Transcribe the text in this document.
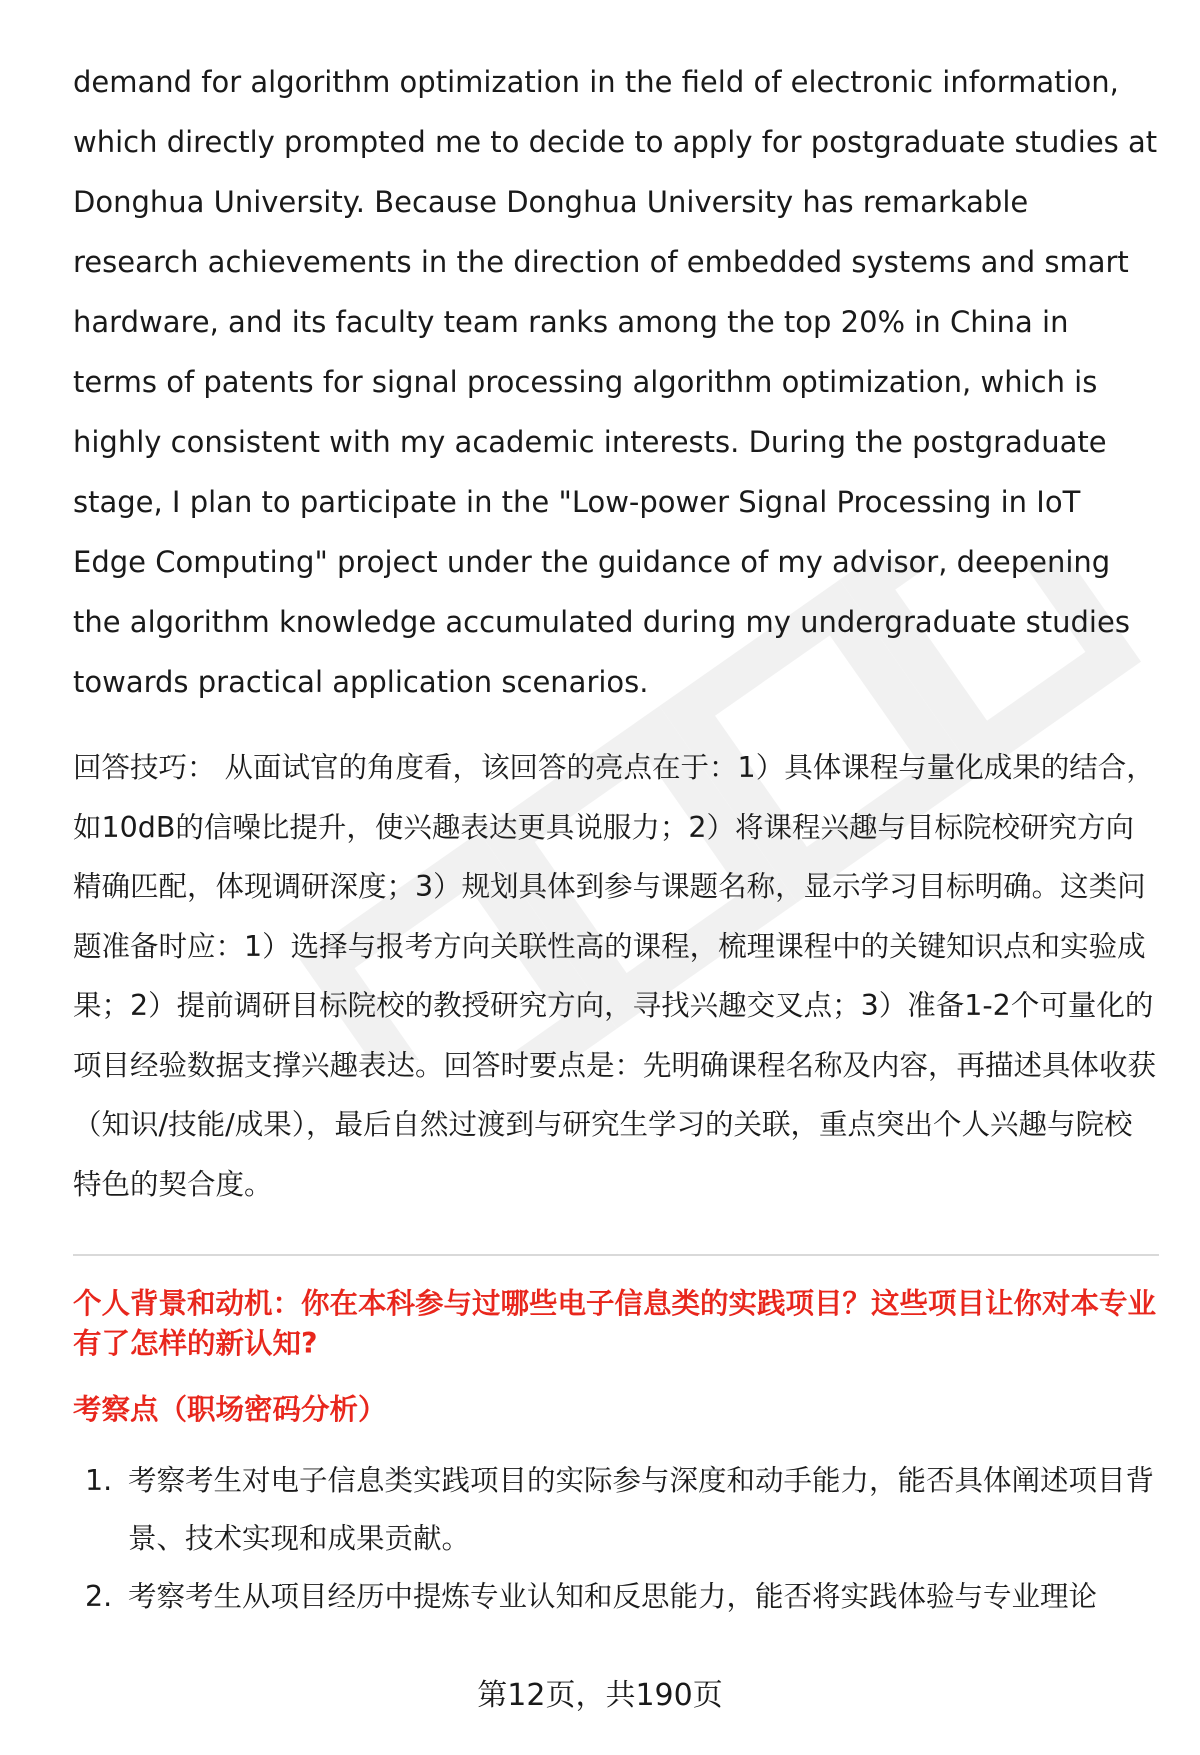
demand for algorithm optimization in the field of electronic information, which directly prompted me to decide to apply for postgraduate studies at Donghua University. Because Donghua University has remarkable research achievements in the direction of embedded systems and smart hardware, and its faculty team ranks among the top 20% in China in terms of patents for signal processing algorithm optimization, which is highly consistent with my academic interests. During the postgraduate stage, I plan to participate in the "Low-power Signal Processing in IoT Edge Computing" project under the guidance of my advisor, deepening the algorithm knowledge accumulated during my undergraduate studies towards practical application scenarios.

回答技巧： 从面试官的角度看，该回答的亮点在于：1）具体课程与量化成果的结合，如10dB的信噪比提升，使兴趣表达更具说服力；2）将课程兴趣与目标院校研究方向精确匹配，体现调研深度；3）规划具体到参与课题名称，显示学习目标明确。这类问题准备时应：1）选择与报考方向关联性高的课程，梳理课程中的关键知识点和实验成果；2）提前调研目标院校的教授研究方向，寻找兴趣交叉点；3）准备1-2个可量化的项目经验数据支撑兴趣表达。回答时要点是：先明确课程名称及内容，再描述具体收获（知识/技能/成果），最后自然过渡到与研究生学习的关联，重点突出个人兴趣与院校特色的契合度。

个人背景和动机：你在本科参与过哪些电子信息类的实践项目？这些项目让你对本专业有了怎样的新认知?

考察点（职场密码分析）

1. 考察考生对电子信息类实践项目的实际参与深度和动手能力，能否具体阐述项目背景、技术实现和成果贡献。
2. 考察考生从项目经历中提炼专业认知和反思能力，能否将实践体验与专业理论
第12页，共190页
